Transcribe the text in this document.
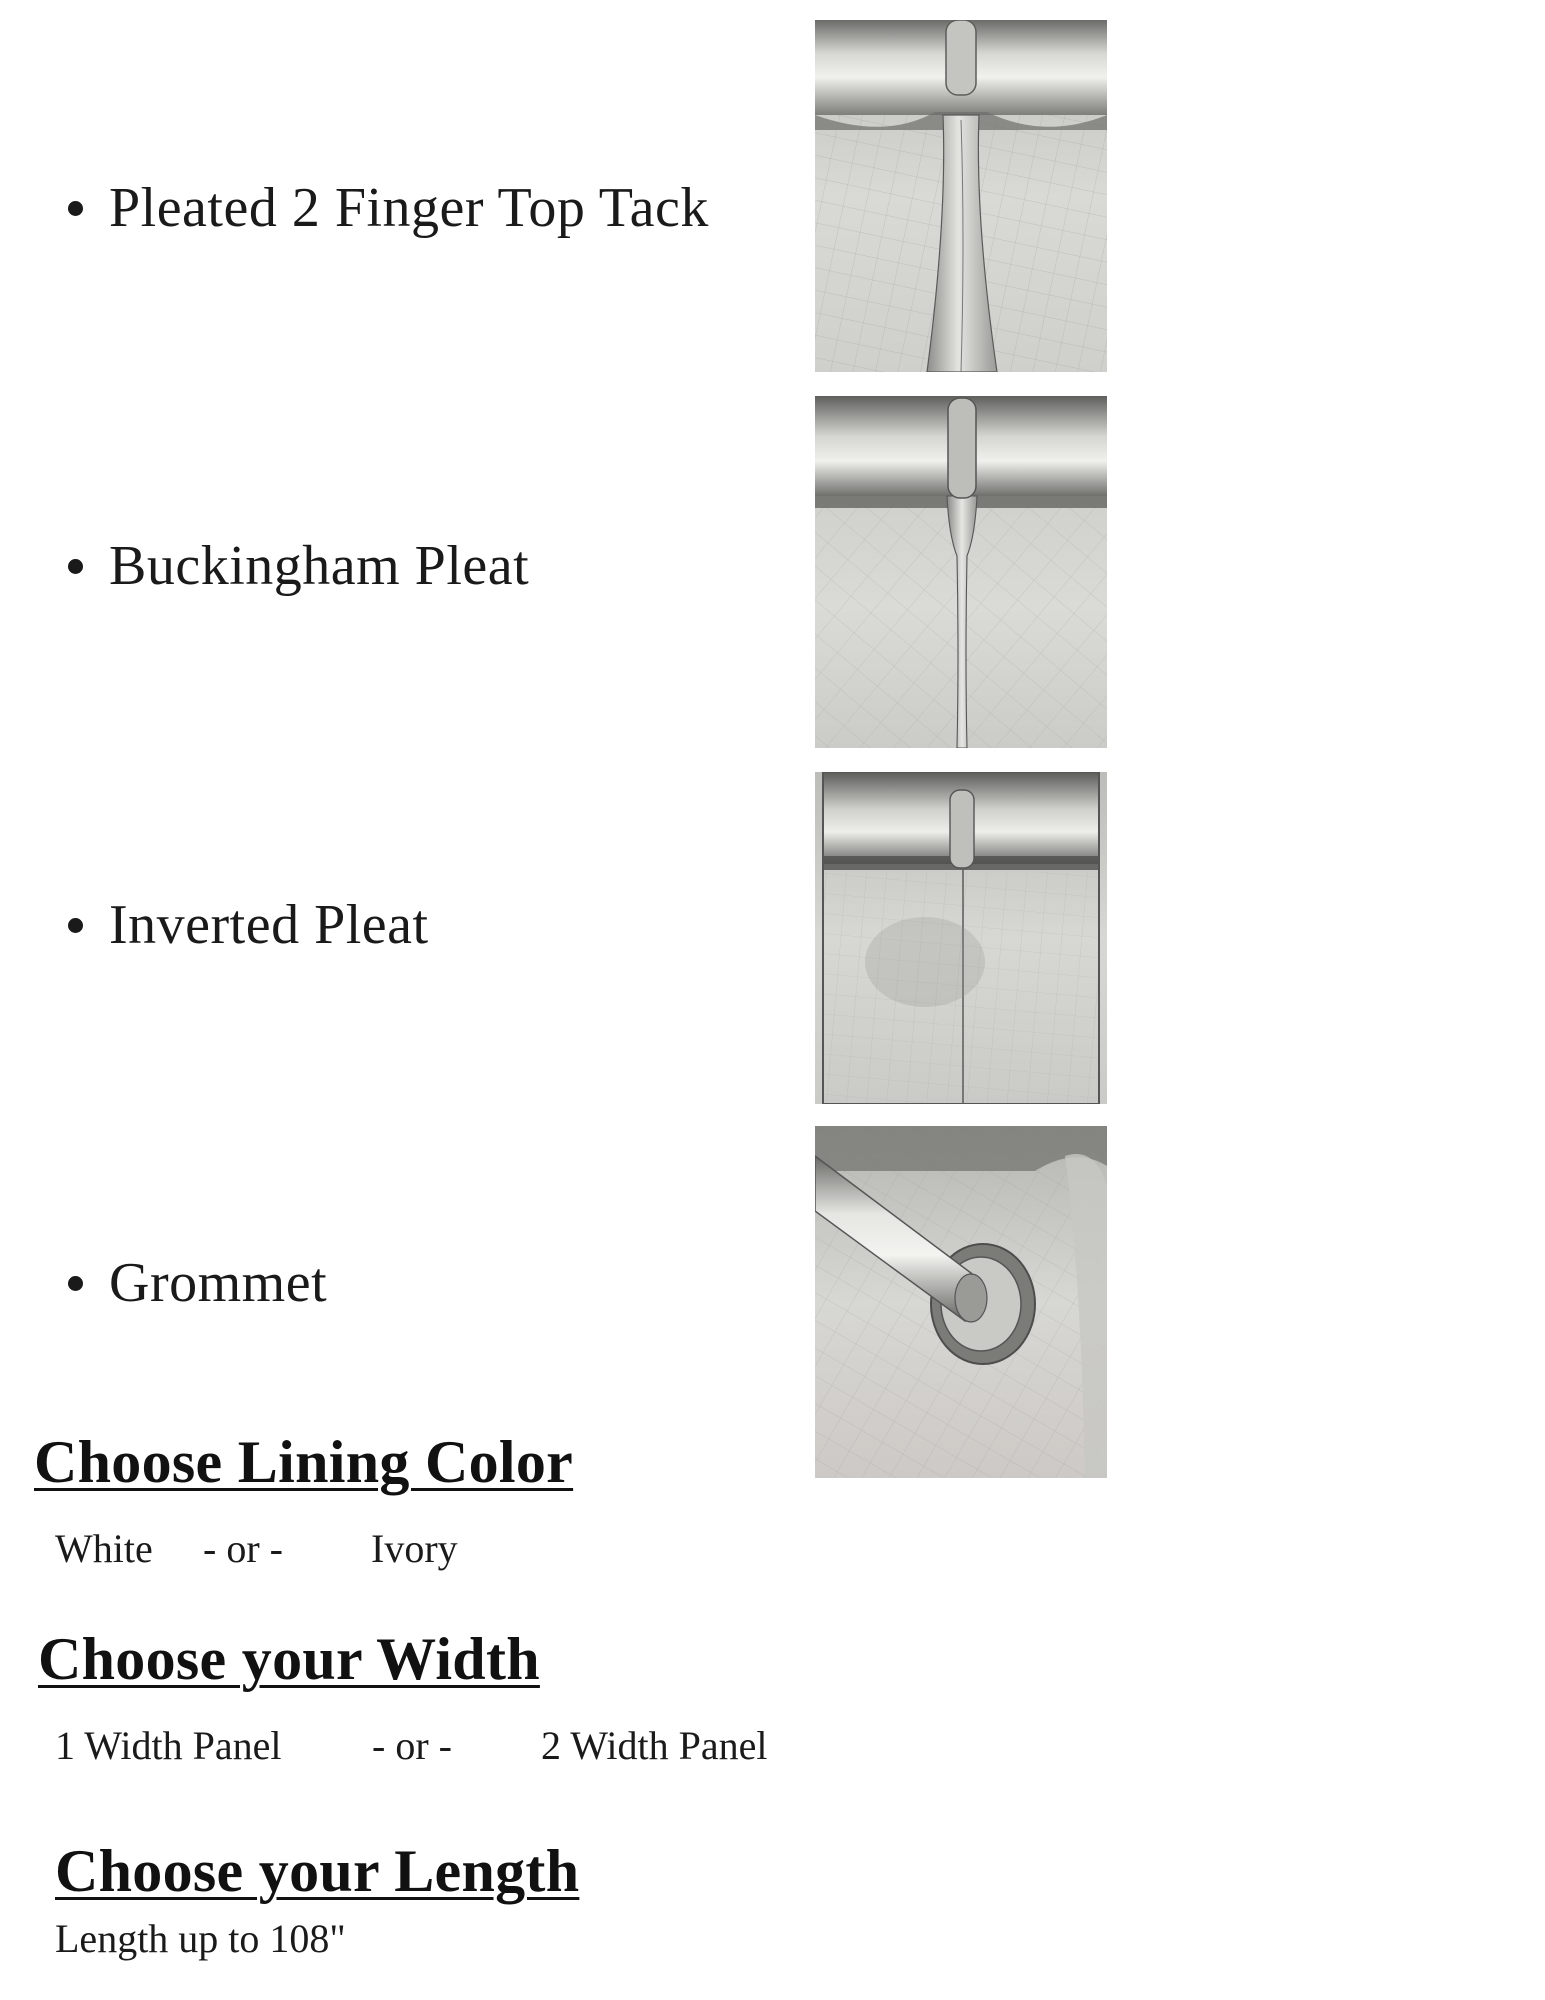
Pleated 2 Finger Top Tack
Buckingham Pleat
Inverted Pleat
Grommet
Choose Lining Color
White - or - Ivory
Choose your Width
1 Width Panel - or - 2 Width Panel
Choose your Length
Length up to 108"
